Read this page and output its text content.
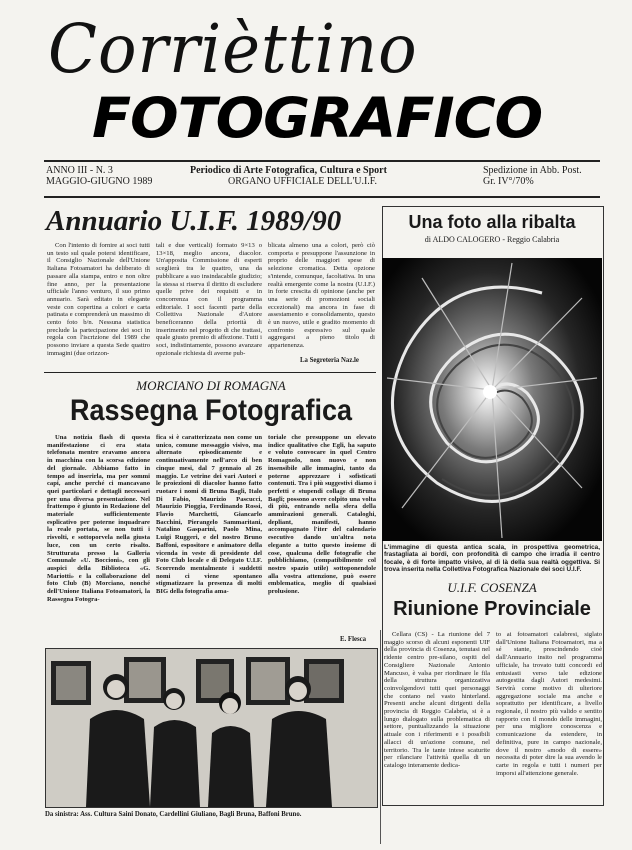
Corrièttino
FOTOGRAFICO
ANNO III - N. 3
MAGGIO-GIUGNO 1989
Periodico di Arte Fotografica, Cultura e Sport
ORGANO UFFICIALE DELL'U.I.F.
Spedizione in Abb. Post.
Gr. IV°/70%
Annuario U.I.F. 1989/90
Con l'intento di fornire ai soci tutti un testo sul quale potersi identificare, il Consiglio Nazionale dell'Unione Italiana Fotoamatori ha deliberato di passare alla stampa, entro e non oltre fine anno, per la presentazione ufficiale l'anno venturo, il suo primo annuario. Sarà editato in elegante veste con copertina a colori e carta patinata e comprenderà un massimo di cento foto b/n. Nessuna statistica preclude la partecipazione dei soci in regola con l'iscrizione del 1989 che possono inviare a questa Sede quattro immagini (due orizzon-
tali e due verticali) formato 9×13 o 13×18, meglio ancora, diacolor. Un'apposita Commissione di esperti sceglierà tra le quattro, una da pubblicare a suo insindacabile giudizio; la stessa si riserva il diritto di escludere quelle prive dei requisiti e in concorrenza con il programma editoriale. I soci facenti parte della Collettiva Nazionale d'Autore beneficeranno della priorità di inserimento nel progetto di che trattasi, quale giusto premio di affezione. Tutti i soci, indistintamente, possono avanzare opzionale richiesta di averne pub-
blicata almeno una a colori, però ciò comporta e presuppone l'assunzione in proprio delle maggiori spese di selezione cromatica. Detta opzione s'intende, comunque, facoltativa. In una realtà emergente come la nostra (U.I.F.) in forte crescita di opinione (anche per una serie di promozioni sociali eccezionali) ma ancora in fase di assestamento e consolidamento, questo è un nuovo, utile e gradito momento di confronto espressivo sul quale aggregarsi a pieno titolo di appartenenza.
La Segreteria Naz.le
Una foto alla ribalta
di ALDO CALOGERO - Reggio Calabria
L'immagine di questa antica scala, in prospettiva geometrica, frastagliata ai bordi, con profondità di campo che irradia il centro focale, è di forte impatto visivo, al di là della sua realtà oggettiva. Si trova inserita nella Collettiva Fotografica Nazionale dei soci U.I.F.
MORCIANO DI ROMAGNA
Rassegna Fotografica
Una notizia flash di questa manifestazione ci era stata telefonata mentre eravamo ancora in macchina con la scorsa edizione del giornale. Abbiamo fatto in tempo ad inserirla, ma per sommi capi, anche perché ci mancavano quei particolari e dettagli necessari per una diversa presentazione. Nel frattempo è giunto in Redazione del materiale sufficientemente esplicativo per poterne inquadrare la reale portata, se non tutti i risvolti, e sottoporvela nella giusta luce, con un certo risalto. Strutturata presso la Galleria Comunale «U. Boccioni», con gli auspici della Biblioteca «G. Mariotti» e la collaborazione del foto Club (B) Morciano, nonché dell'Unione Italiana Fotoamatori, la Rassegna Fotogra-
fica si è caratterizzata non come un unico, comune messaggio visivo, ma alternato episodicamente e continuativamente nell'arco di ben cinque mesi, dal 7 gennaio al 26 maggio. Le vetrine dei vari Autori e le proiezioni di diacolor hanno fatto ruotare i nomi di Bruna Bagli, Italo Di Fabio, Maurizio Pascucci, Maurizio Pioggia, Ferdinando Rossi, Flavio Marchetti, Giancarlo Bacchini, Pierangelo Sammaritani, Natalino Gasparini, Paolo Mina, Luigi Ruggeri, e del nostro Bruno Baffoni, espositore e animatore della vicenda in veste di presidente del Foto Club locale e di Delegato U.I.F. Scorrendo mentalmente i suddetti nomi ci viene spontaneo stigmatizzare la presenza di molti BIG della fotografia ama-
toriale che presuppone un elevato indice qualitativo che Egli, ha saputo e voluto convocare in quel Centro Romagnolo, non nuovo e non insensibile alle immagini, tanto da poterne apprezzare i sofisticati contenuti. Tra i più suggestivi diamo i perfetti e stupendi collage di Bruna Bagli; possono avere colpito una volta di più, entrando nella sfera della ammirazioni generali. Cataloghi, depliant, manifesti, hanno accompagnato l'iter del calendario esecutivo dando un'altra nota elegante a tutto questo insieme di cose, qualcuna delle fotografie che pubblichiamo, (compatibilmente col nostro spazio utile) sottoponendole alla vostra attenzione, può essere emblematica, meglio di qualsiasi prolusione.
E. Flesca
Da sinistra: Ass. Cultura Saini Donato, Cardellini Giuliano, Bagli Bruna, Baffoni Bruno.
U.I.F. COSENZA
Riunione Provinciale
Cellara (CS) - La riunione del 7 maggio scorso di alcuni esponenti UIF della provincia di Cosenza, tenutasi nel ridente centro pre-silano, ospiti del Consigliere Nazionale Antonio Mancuso, è valsa per riordinare le fila della struttura organizzativa coinvolgendovi tutti quei personaggi che contano nel vasto hinterland. Presenti anche alcuni dirigenti della provincia di Reggio Calabria, si è a lungo dialogato sulla problematica di settore, puntualizzando la situazione attuale con i riferimenti e i possibili allacci di un'azione comune, nel territorio. Tra le tante intese scaturite per rilanciare l'attività quella di un catalogo interamente dedica-
to ai fotoamatori calabresi, siglato dall'Unione Italiana Fotoamatori, ma a sé stante, prescindendo cioè dall'Annuario insito nel programma ufficiale, ha trovato tutti concordi ed entusiasti verso tale edizione autogestita dagli Autori medesimi. Servirà come motivo di ulteriore aggregazione sociale ma anche e soprattutto per identificare, a livello regionale, il nostro più valido e sentito rapporto con il mondo delle immagini, per una migliore conoscenza e comunicazione da estendere, in definitiva, pure in campo nazionale, dove il nostro «modo di essere» necessita di poter dire la sua avendo le carte in regola e tutti i numeri per imporsi all'attenzione generale.
